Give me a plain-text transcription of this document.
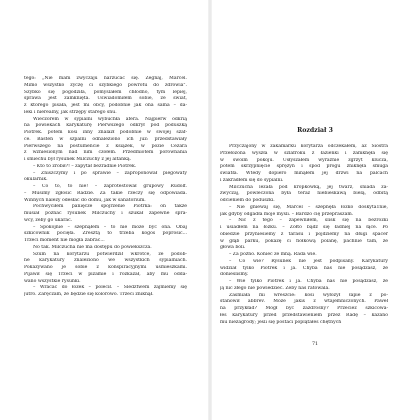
tego: „Nie mam zwyczaju narzucać się. Żegnaj, Marcel.
Mimo wszystko życzę ci szybkiego powrotu do zdrowia".
Szybko się pogodziła, pomyślałem chłodno, tym lepiej,
sprawa jest zamknięta. Uświadomiłem sobie, że świat,
z którego pisała, jest mi obcy, podobnie jak ona sama – da-
leki i nierealny, jak strzępy starego snu.
Wieczorem w sypialni wybuchła afera. Najpierw odkrią
na powiekach karykaturę Pierwszego odkrył pod poduszką
Piotrek. potem kosi inny znalazł podobnie w swojej szaf-
ce. Basten w szpalni odnaleziono ich już: przedstawiały
Pierwszego na postumencie z książek, w pozie Cezara
z wzniesionym nad nim czołem. Przedmiotem porównania
i śmiechu był rysunek Milczuchy z jej altanką.
– Kto to zrobił?! – zapytał bezradnie Piotrek.
– Zniszczymy i po sprawie – zaproponował piegowaty
okularnik.
– Co to, to nie! – zaprotestował grupowy Rudolf.
– Musimy zgłosić Radzie. Za takie rzeczy się odpowiada.
Winnych należy odesłać do domu, jak w sanatorium.
Pochwyciłem panięcze spojrzenie Piotrka: on także
musiał poznać rysunek Milczuchy i szukał zapewne spra-
wcy, żeby go ukarać.
– Spokojnie – szepnąłem – to nie może być ona. Obaj
szkicownik pocięła. Zresztą to trzeba kogoś poprosić...
Trzeci moment nie mogła zabrać...
No tak. Milczucha nie ma dostępu do powiekszcza.
Szum na korytarzu potwierdził wkrótce, że podob-
ne karykatury znaleziono we wszystkich sypialniach.
Pokazywano je sobie z konspiracyjnymi uśmieszkami.
Pijawił się Trzeci w piżamie i rozkazał, aby mu odda-
wano wszystkie rysunki.
– Wracać do łóżek – polecił. – Śledztwem zajmiemy się
jutro. Zaręczam, że będzie się kolorowo. Trzeci zniknął.
Rozdział 3
Przyczajony w zakamarku korytarza odczekałem, aż Siostra
Przełożona wyszła w szlafroku z łazienki i zamknęła się
w swoim pokoju. Usłyszałem wyraźnie zgrzyt klucza,
potem skrzypnięcie sprężyn i spod progu zniknęła smuga
światła. Wtedy dopiero minąłem jej drzwi na palcach
i zakradłem się do sypialni.
Milczucha leżała pod kropkówką, jej twarz, śniada za-
zwyczaj, powleczona była teraz niebieskawą bielą, odbitą
odcieniem do poduszki.
– Nie gniewaj się, Marcel – szepnęła łóżko doskyta1nie,
jak gdyby odgadła moje myśli. – Bardzo cię przepraszam.
– Nic z tego – zapewniłem, ślisk się na bezrozki
i usiadłem na łóżku. – Żółto bądź się ładniej na łące. Po
obiedzie przyniesiemy z tarasu i pójdziemy na długi spacer
w głąb parku, pokażę ci fiołkową polanę, pachnie tam, że
głowa boli.
– Za późno. Koniec ze mną. Rada wie.
– Co wie? Rysunek nie jest podpisany. Karykatury
widział tylko Piotrek i ja. Chyba nas nie posądzasz, że
doniesliśmy.
– Wie tylko Piotrek i ja. Chyba nas nie posądzasz, że
ją nic złego nie powiedzieć. Żeby nas ratowala.
Zaśmiała mi wreszcie: kosi wyłożył łapie z po-
stanowił abbrev. Może jakiś z wtajemniczonych. Paweł
na przykład? Mógł być zazdrosny? Przecież szkicowa-
łeś karykatury przed przedstawieniem przez Radę – kazano
mu niezagrody; jeśli się postaci poplątałeś chętnych
71
